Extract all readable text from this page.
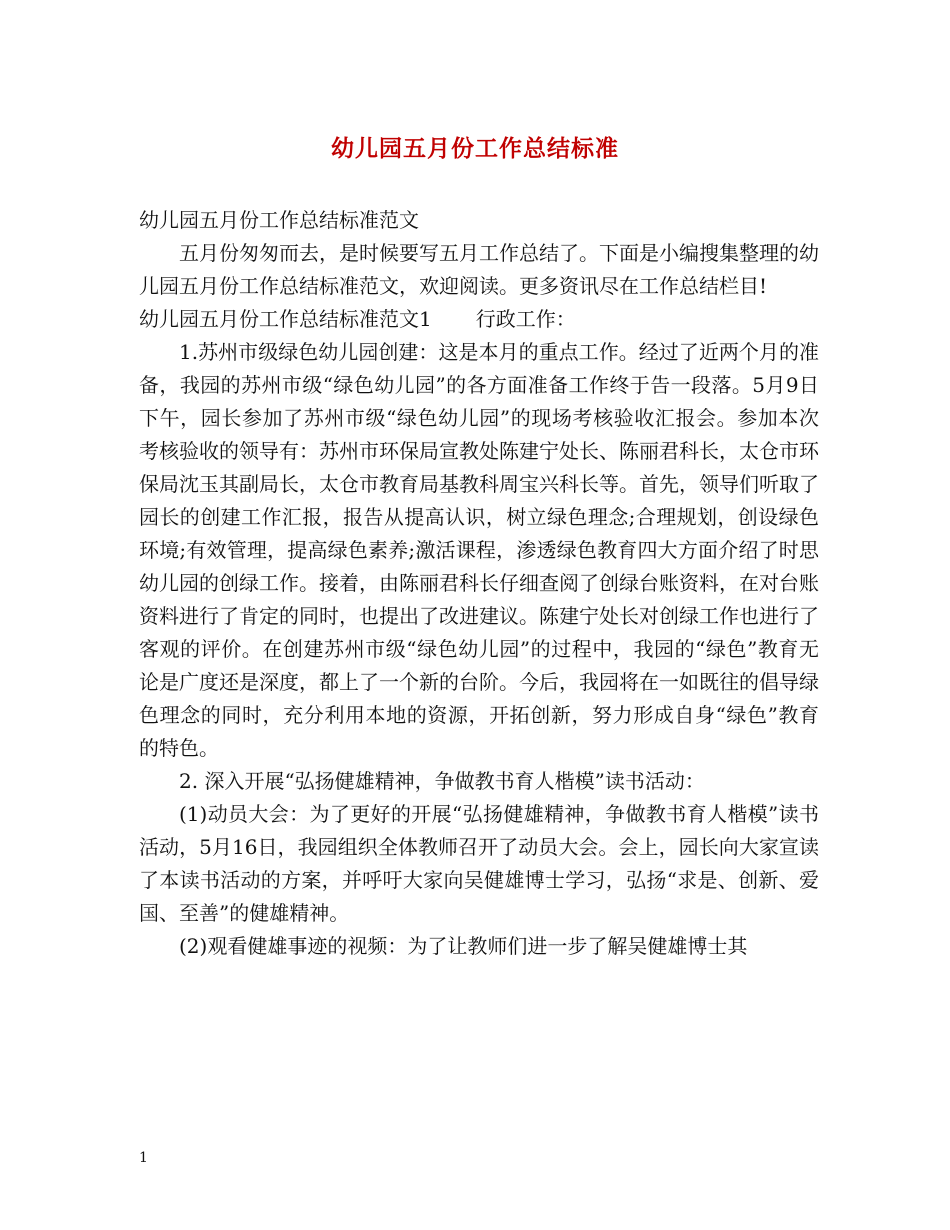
幼儿园五月份工作总结标准

幼儿园五月份工作总结标准范文

五月份匆匆而去，是时候要写五月工作总结了。下面是小编搜集整理的幼儿园五月份工作总结标准范文，欢迎阅读。更多资讯尽在工作总结栏目!

幼儿园五月份工作总结标准范文1 行政工作：

1.苏州市级绿色幼儿园创建：这是本月的重点工作。经过了近两个月的准备，我园的苏州市级“绿色幼儿园”的各方面准备工作终于告一段落。5月9日下午，园长参加了苏州市级“绿色幼儿园”的现场考核验收汇报会。参加本次考核验收的领导有：苏州市环保局宣教处陈建宁处长、陈丽君科长，太仓市环保局沈玉其副局长，太仓市教育局基教科周宝兴科长等。首先，领导们听取了园长的创建工作汇报，报告从提高认识，树立绿色理念;合理规划，创设绿色环境;有效管理，提高绿色素养;激活课程，渗透绿色教育四大方面介绍了时思幼儿园的创绿工作。接着，由陈丽君科长仔细查阅了创绿台账资料，在对台账资料进行了肯定的同时，也提出了改进建议。陈建宁处长对创绿工作也进行了客观的评价。在创建苏州市级“绿色幼儿园”的过程中，我园的“绿色”教育无论是广度还是深度，都上了一个新的台阶。今后，我园将在一如既往的倡导绿色理念的同时，充分利用本地的资源，开拓创新，努力形成自身“绿色”教育的特色。

2. 深入开展“弘扬健雄精神，争做教书育人楷模”读书活动：

(1)动员大会：为了更好的开展“弘扬健雄精神，争做教书育人楷模”读书活动，5月16日，我园组织全体教师召开了动员大会。会上，园长向大家宣读了本读书活动的方案，并呼吁大家向吴健雄博士学习，弘扬“求是、创新、爱国、至善”的健雄精神。

(2)观看健雄事迹的视频：为了让教师们进一步了解吴健雄博士其

1
